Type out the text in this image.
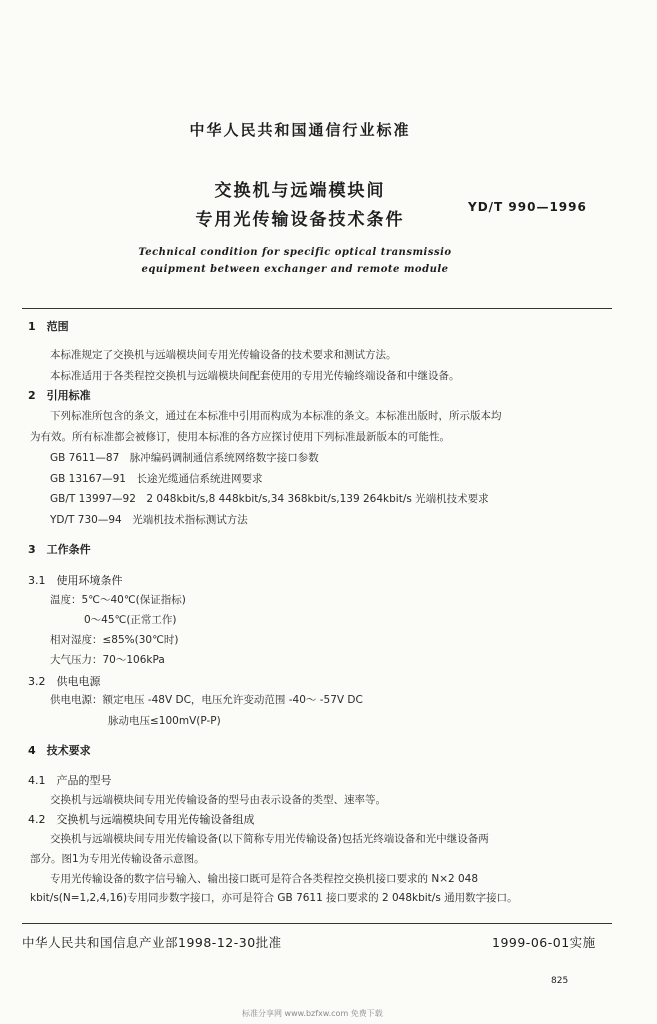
中华人民共和国通信行业标准
交换机与远端模块间
专用光传输设备技术条件
YD/T 990—1996
Technical condition for specific optical transmissio
equipment between exchanger and remote module
1　范围
本标准规定了交换机与远端模块间专用光传输设备的技术要求和测试方法。
本标准适用于各类程控交换机与远端模块间配套使用的专用光传输终端设备和中继设备。
2　引用标准
下列标准所包含的条文，通过在本标准中引用而构成为本标准的条文。本标准出版时，所示版本均
为有效。所有标准都会被修订，使用本标准的各方应探讨使用下列标准最新版本的可能性。
GB 7611—87　脉冲编码调制通信系统网络数字接口参数
GB 13167—91　长途光缆通信系统进网要求
GB/T 13997—92　2 048kbit/s,8 448kbit/s,34 368kbit/s,139 264kbit/s 光端机技术要求
YD/T 730—94　光端机技术指标测试方法
3　工作条件
3.1　使用环境条件
温度：5℃～40℃(保证指标)
0～45℃(正常工作)
相对湿度：≤85%(30℃时)
大气压力：70～106kPa
3.2　供电电源
供电电源：额定电压 -48V DC，电压允许变动范围 -40～ -57V DC
脉动电压≤100mV(P-P)
4　技术要求
4.1　产品的型号
交换机与远端模块间专用光传输设备的型号由表示设备的类型、速率等。
4.2　交换机与远端模块间专用光传输设备组成
交换机与远端模块间专用光传输设备(以下简称专用光传输设备)包括光终端设备和光中继设备两
部分。图1为专用光传输设备示意图。
专用光传输设备的数字信号输入、输出接口既可是符合各类程控交换机接口要求的 N×2 048
kbit/s(N=1,2,4,16)专用同步数字接口，亦可是符合 GB 7611 接口要求的 2 048kbit/s 通用数字接口。
中华人民共和国信息产业部1998-12-30批准	1999-06-01实施
825
标准分享网 www.bzfxw.com 免费下载
